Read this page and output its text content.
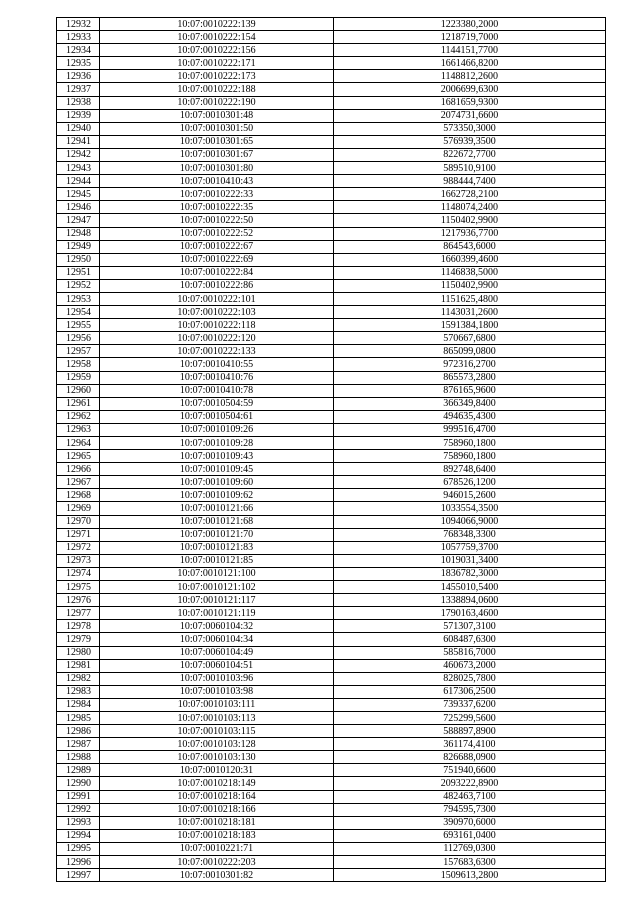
12932	10:07:0010222:139	1223380,2000
12933	10:07:0010222:154	1218719,7000
12934	10:07:0010222:156	1144151,7700
12935	10:07:0010222:171	1661466,8200
12936	10:07:0010222:173	1148812,2600
12937	10:07:0010222:188	2006699,6300
12938	10:07:0010222:190	1681659,9300
12939	10:07:0010301:48	2074731,6600
12940	10:07:0010301:50	573350,3000
12941	10:07:0010301:65	576939,3500
12942	10:07:0010301:67	822672,7700
12943	10:07:0010301:80	589510,9100
12944	10:07:0010410:43	988444,7400
12945	10:07:0010222:33	1662728,2100
12946	10:07:0010222:35	1148074,2400
12947	10:07:0010222:50	1150402,9900
12948	10:07:0010222:52	1217936,7700
12949	10:07:0010222:67	864543,6000
12950	10:07:0010222:69	1660399,4600
12951	10:07:0010222:84	1146838,5000
12952	10:07:0010222:86	1150402,9900
12953	10:07:0010222:101	1151625,4800
12954	10:07:0010222:103	1143031,2600
12955	10:07:0010222:118	1591384,1800
12956	10:07:0010222:120	570667,6800
12957	10:07:0010222:133	865099,0800
12958	10:07:0010410:55	972316,2700
12959	10:07:0010410:76	865573,2800
12960	10:07:0010410:78	876165,9600
12961	10:07:0010504:59	366349,8400
12962	10:07:0010504:61	494635,4300
12963	10:07:0010109:26	999516,4700
12964	10:07:0010109:28	758960,1800
12965	10:07:0010109:43	758960,1800
12966	10:07:0010109:45	892748,6400
12967	10:07:0010109:60	678526,1200
12968	10:07:0010109:62	946015,2600
12969	10:07:0010121:66	1033554,3500
12970	10:07:0010121:68	1094066,9000
12971	10:07:0010121:70	768348,3300
12972	10:07:0010121:83	1057759,3700
12973	10:07:0010121:85	1019031,3400
12974	10:07:0010121:100	1836782,3000
12975	10:07:0010121:102	1455010,5400
12976	10:07:0010121:117	1338894,0600
12977	10:07:0010121:119	1790163,4600
12978	10:07:0060104:32	571307,3100
12979	10:07:0060104:34	608487,6300
12980	10:07:0060104:49	585816,7000
12981	10:07:0060104:51	460673,2000
12982	10:07:0010103:96	828025,7800
12983	10:07:0010103:98	617306,2500
12984	10:07:0010103:111	739337,6200
12985	10:07:0010103:113	725299,5600
12986	10:07:0010103:115	588897,8900
12987	10:07:0010103:128	361174,4100
12988	10:07:0010103:130	826688,0900
12989	10:07:0010120:31	751940,6600
12990	10:07:0010218:149	2093222,8900
12991	10:07:0010218:164	482463,7100
12992	10:07:0010218:166	794595,7300
12993	10:07:0010218:181	390970,6000
12994	10:07:0010218:183	693161,0400
12995	10:07:0010221:71	112769,0300
12996	10:07:0010222:203	157683,6300
12997	10:07:0010301:82	1509613,2800
